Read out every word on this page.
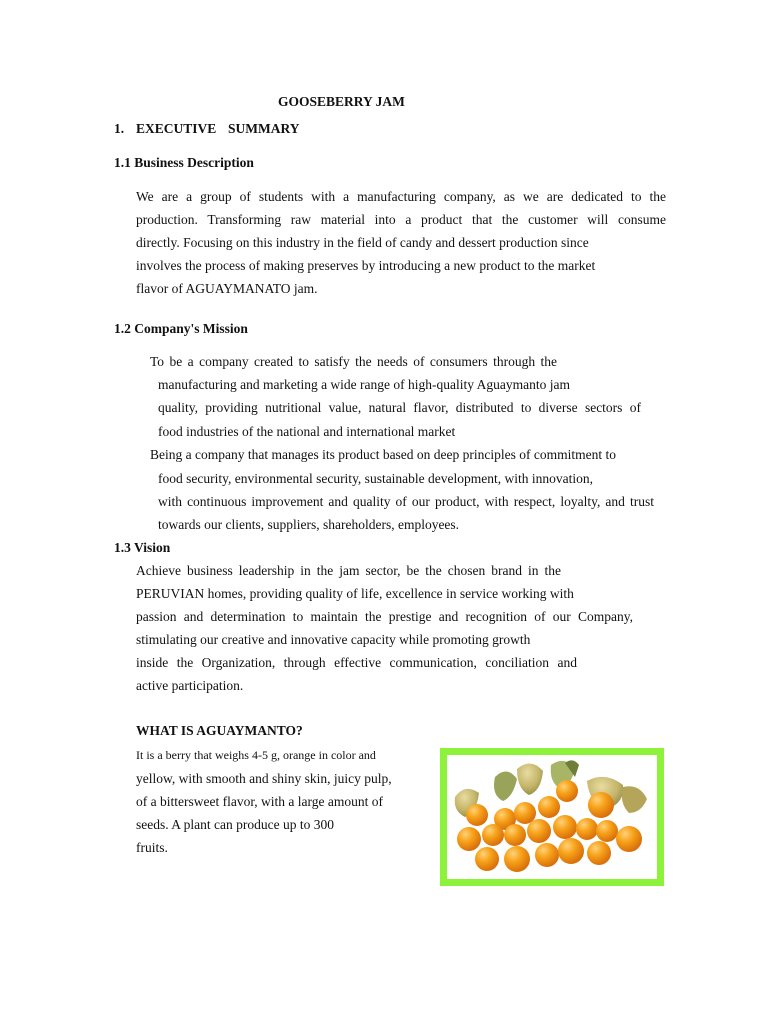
GOOSEBERRY JAM
1. EXECUTIVE SUMMARY
1.1 Business Description
We are a group of students with a manufacturing company, as we are dedicated to the
production. Transforming raw material into a product that the customer will consume
directly. Focusing on this industry in the field of candy and dessert production since
involves the process of making preserves by introducing a new product to the market
flavor of AGUAYMANATO jam.
1.2 Company's Mission
To be a company created to satisfy the needs of consumers through the
manufacturing and marketing a wide range of high-quality Aguaymanto jam
quality, providing nutritional value, natural flavor, distributed to diverse sectors of
food industries of the national and international market
Being a company that manages its product based on deep principles of commitment to
food security, environmental security, sustainable development, with innovation,
with continuous improvement and quality of our product, with respect, loyalty, and trust
towards our clients, suppliers, shareholders, employees.
1.3 Vision
Achieve business leadership in the jam sector, be the chosen brand in the
PERUVIAN homes, providing quality of life, excellence in service working with
passion and determination to maintain the prestige and recognition of our Company,
stimulating our creative and innovative capacity while promoting growth
inside the Organization, through effective communication, conciliation and
active participation.
WHAT IS AGUAYMANTO?
It is a berry that weighs 4-5 g, orange in color and
yellow, with smooth and shiny skin, juicy pulp,
of a bittersweet flavor, with a large amount of
seeds. A plant can produce up to 300
fruits.
